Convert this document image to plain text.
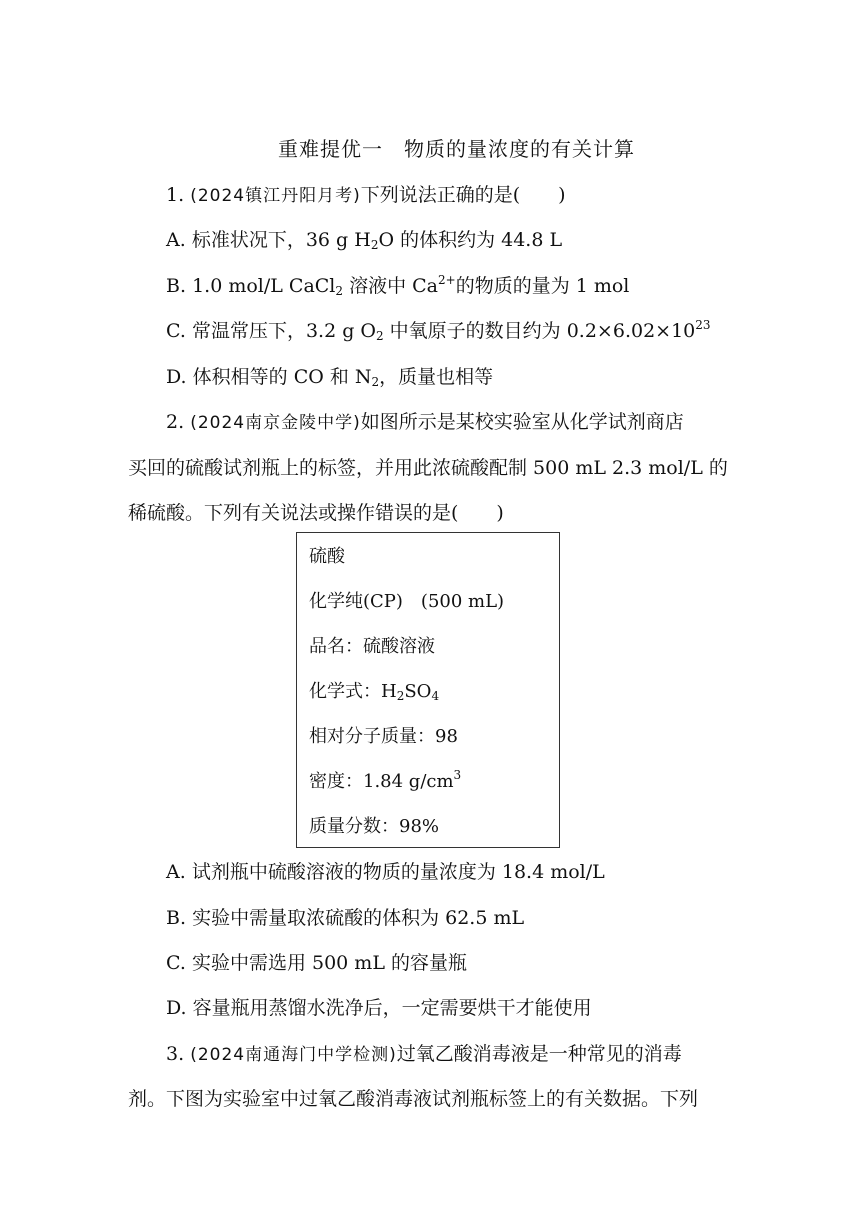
重难提优一　物质的量浓度的有关计算
1. (2024镇江丹阳月考)下列说法正确的是(　　)
A. 标准状况下，36 g $H_2O$ 的体积约为 44.8 L
B. 1.0 mol/L CaCl$_2$ 溶液中 $Ca^{2+}$的物质的量为 1 mol
C. 常温常压下，3.2 g $O_2$ 中氧原子的数目约为 $0.2\times 6.02\times 10^{23}$
D. 体积相等的 CO 和 $N_2$，质量也相等
2. (2024南京金陵中学)如图所示是某校实验室从化学试剂商店
买回的硫酸试剂瓶上的标签，并用此浓硫酸配制 500 mL 2.3 mol/L 的
稀硫酸。下列有关说法或操作错误的是(　　)
硫酸
化学纯(CP)　(500 mL)
品名：硫酸溶液
化学式：$H_2SO_4$
相对分子质量：98
密度：1.84 $g/cm^3$
质量分数：98%
A. 试剂瓶中硫酸溶液的物质的量浓度为 18.4 mol/L
B. 实验中需量取浓硫酸的体积为 62.5 mL
C. 实验中需选用 500 mL 的容量瓶
D. 容量瓶用蒸馏水洗净后，一定需要烘干才能使用
3. (2024南通海门中学检测)过氧乙酸消毒液是一种常见的消毒
剂。下图为实验室中过氧乙酸消毒液试剂瓶标签上的有关数据。下列
